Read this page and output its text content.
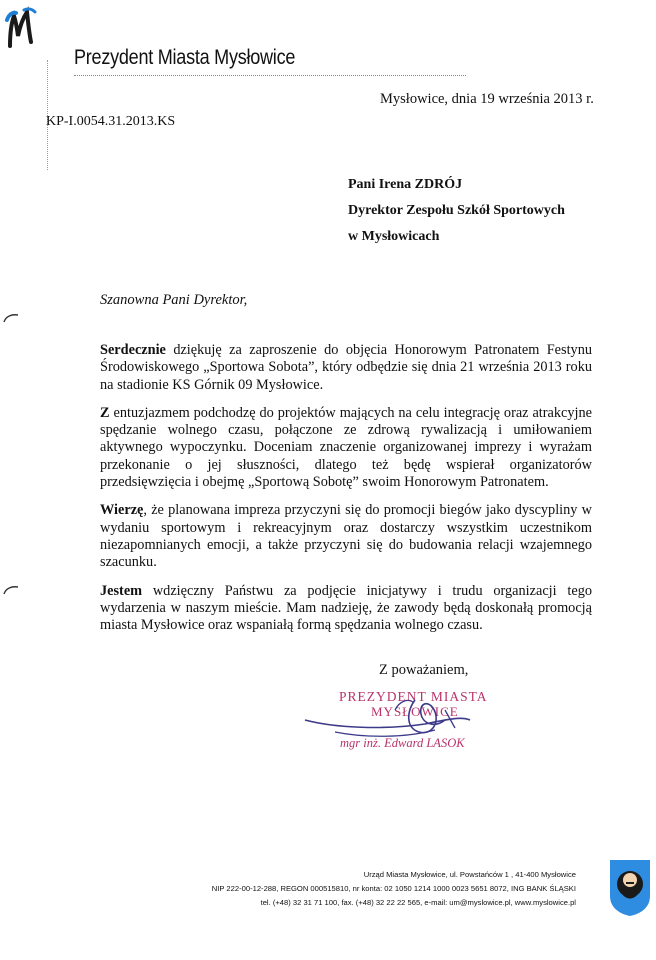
Prezydent Miasta Mysłowice
Mysłowice, dnia 19 września 2013 r.
KP-I.0054.31.2013.KS
Pani Irena ZDRÓJ
Dyrektor Zespołu Szkół Sportowych
w Mysłowicach
Szanowna Pani Dyrektor,

Serdecznie dziękuję za zaproszenie do objęcia Honorowym Patronatem Festynu Środowiskowego „Sportowa Sobota”, który odbędzie się dnia 21 września 2013 roku na stadionie KS Górnik 09 Mysłowice.

Z entuzjazmem podchodzę do projektów mających na celu integrację oraz atrakcyjne spędzanie wolnego czasu, połączone ze zdrową rywalizacją i umiłowaniem aktywnego wypoczynku. Doceniam znaczenie organizowanej imprezy i wyrażam przekonanie o jej słuszności, dlatego też będę wspierał organizatorów przedsięwzięcia i obejmę „Sportową Sobotę” swoim Honorowym Patronatem.

Wierzę, że planowana impreza przyczyni się do promocji biegów jako dyscypliny w wydaniu sportowym i rekreacyjnym oraz dostarczy wszystkim uczestnikom niezapomnianych emocji, a także przyczyni się do budowania relacji wzajemnego szacunku.

Jestem wdzięczny Państwu za podjęcie inicjatywy i trudu organizacji tego wydarzenia w naszym mieście. Mam nadzieję, że zawody będą doskonałą promocją miasta Mysłowice oraz wspaniałą formą spędzania wolnego czasu.

Z poważaniem,
PREZYDENT MIASTA
MYSŁOWICE
mgr inż. Edward LASOK
Urząd Miasta Mysłowice, ul. Powstańców 1 , 41-400 Mysłowice
NIP 222-00-12-288, REGON 000515810, nr konta: 02 1050 1214 1000 0023 5651 8072, ING BANK ŚLĄSKI
tel. (+48) 32 31 71 100, fax. (+48) 32 22 22 565, e-mail: um@myslowice.pl, www.myslowice.pl
